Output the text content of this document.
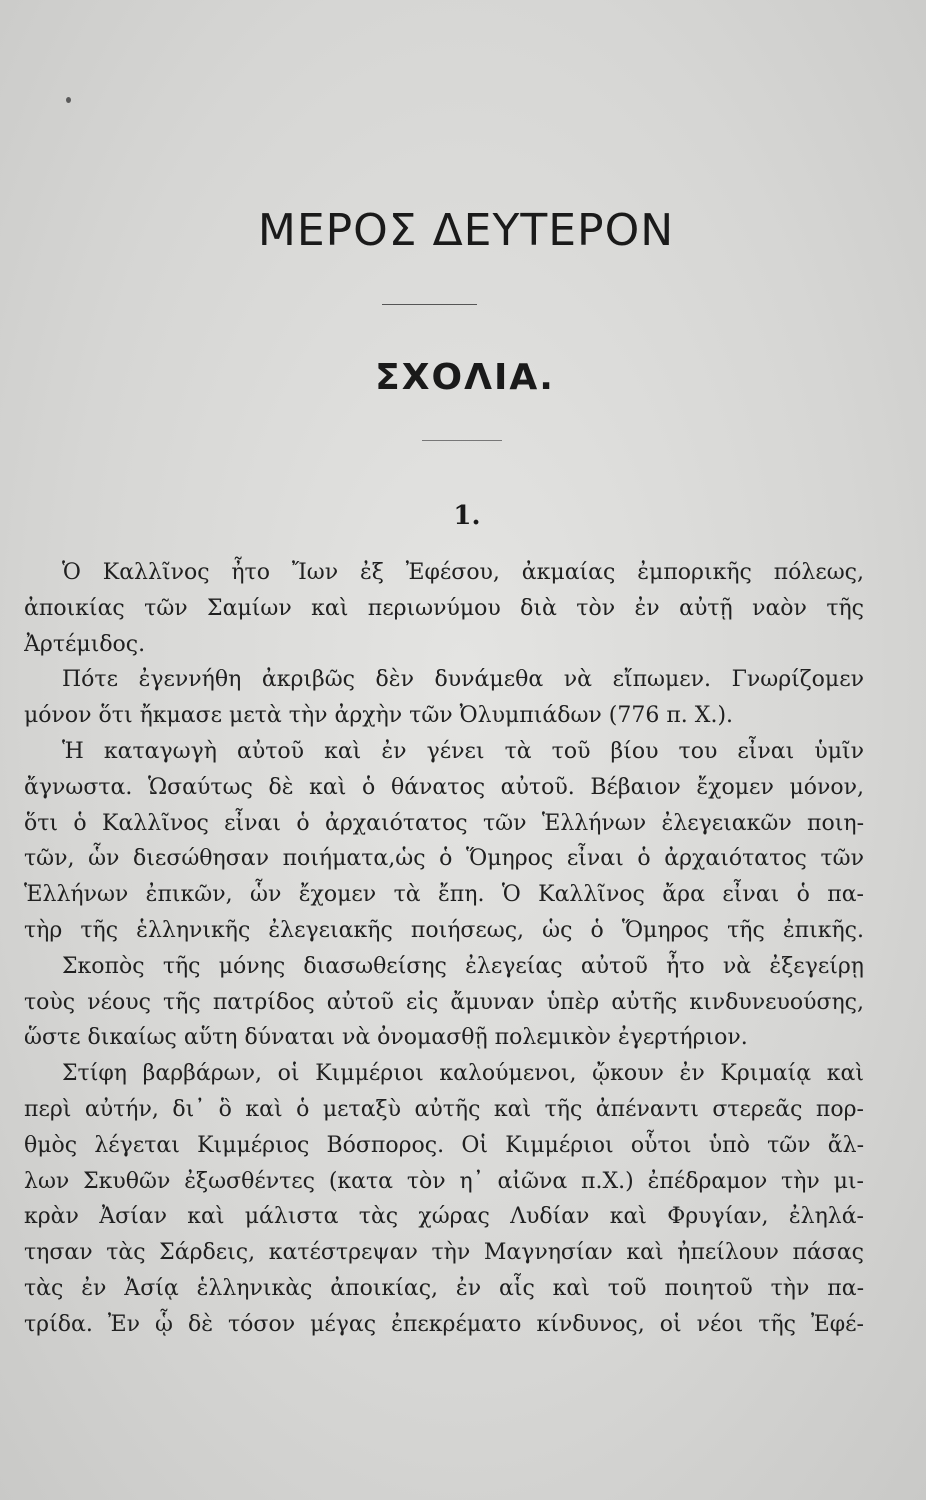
ΜΕΡΟΣ ΔΕΥΤΕΡΟΝ
ΣΧΟΛΙΑ.
1.
Ὁ Καλλῖνος ἦτο Ἴων ἐξ Ἐφέσου, ἀκμαίας ἐμπορικῆς πόλεως,
ἀποικίας τῶν Σαμίων καὶ περιωνύμου διὰ τὸν ἐν αὐτῇ ναὸν τῆς
Ἀρτέμιδος.
Πότε ἐγεννήθη ἀκριβῶς δὲν δυνάμεθα νὰ εἴπωμεν. Γνωρίζομεν
μόνον ὅτι ἤκμασε μετὰ τὴν ἀρχὴν τῶν Ὀλυμπιάδων (776 π. Χ.).
Ἡ καταγωγὴ αὐτοῦ καὶ ἐν γένει τὰ τοῦ βίου του εἶναι ὑμῖν
ἄγνωστα. Ὡσαύτως δὲ καὶ ὁ θάνατος αὐτοῦ. Βέβαιον ἔχομεν μόνον,
ὅτι ὁ Καλλῖνος εἶναι ὁ ἀρχαιότατος τῶν Ἑλλήνων ἐλεγειακῶν ποιη-
τῶν, ὧν διεσώθησαν ποιήματα,ὡς ὁ Ὅμηρος εἶναι ὁ ἀρχαιότατος τῶν
Ἑλλήνων ἐπικῶν, ὧν ἔχομεν τὰ ἔπη. Ὁ Καλλῖνος ἄρα εἶναι ὁ πα-
τὴρ τῆς ἑλληνικῆς ἐλεγειακῆς ποιήσεως, ὡς ὁ Ὅμηρος τῆς ἐπικῆς.
Σκοπὸς τῆς μόνης διασωθείσης ἐλεγείας αὐτοῦ ἦτο νὰ ἐξεγείρῃ
τοὺς νέους τῆς πατρίδος αὐτοῦ εἰς ἄμυναν ὑπὲρ αὐτῆς κινδυνευούσης,
ὥστε δικαίως αὕτη δύναται νὰ ὀνομασθῇ πολεμικὸν ἐγερτήριον.
Στίφη βαρβάρων, οἱ Κιμμέριοι καλούμενοι, ᾤκουν ἐν Κριμαίᾳ καὶ
περὶ αὐτήν, δι᾽ ὃ καὶ ὁ μεταξὺ αὐτῆς καὶ τῆς ἀπέναντι στερεᾶς πορ-
θμὸς λέγεται Κιμμέριος Βόσπορος. Οἱ Κιμμέριοι οὗτοι ὑπὸ τῶν ἄλ-
λων Σκυθῶν ἐξωσθέντες (κατα τὸν η᾽ αἰῶνα π.Χ.) ἐπέδραμον τὴν μι-
κρὰν Ἀσίαν καὶ μάλιστα τὰς χώρας Λυδίαν καὶ Φρυγίαν, ἐληλά-
τησαν τὰς Σάρδεις, κατέστρεψαν τὴν Μαγνησίαν καὶ ἠπείλουν πάσας
τὰς ἐν Ἀσίᾳ ἑλληνικὰς ἀποικίας, ἐν αἷς καὶ τοῦ ποιητοῦ τὴν πα-
τρίδα. Ἐν ᾧ δὲ τόσον μέγας ἐπεκρέματο κίνδυνος, οἱ νέοι τῆς Ἐφέ-
